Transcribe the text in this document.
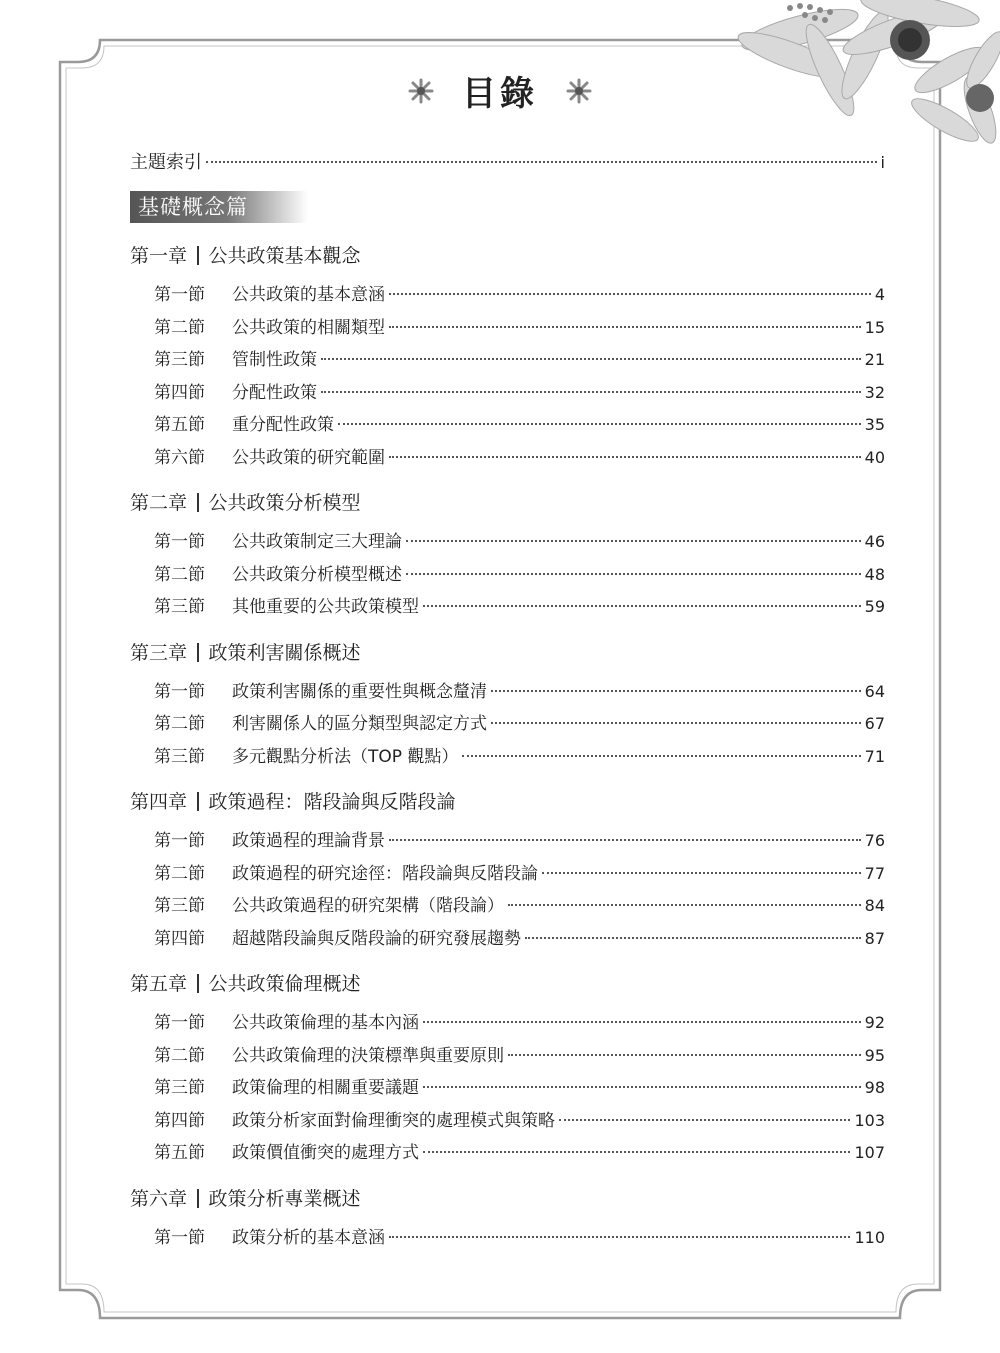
目錄
主題索引	i
基礎概念篇
第一章 公共政策基本觀念
第一節	公共政策的基本意涵	4
第二節	公共政策的相關類型	15
第三節	管制性政策	21
第四節	分配性政策	32
第五節	重分配性政策	35
第六節	公共政策的研究範圍	40
第二章 公共政策分析模型
第一節	公共政策制定三大理論	46
第二節	公共政策分析模型概述	48
第三節	其他重要的公共政策模型	59
第三章 政策利害關係概述
第一節	政策利害關係的重要性與概念釐清	64
第二節	利害關係人的區分類型與認定方式	67
第三節	多元觀點分析法（TOP 觀點）	71
第四章 政策過程：階段論與反階段論
第一節	政策過程的理論背景	76
第二節	政策過程的研究途徑：階段論與反階段論	77
第三節	公共政策過程的研究架構（階段論）	84
第四節	超越階段論與反階段論的研究發展趨勢	87
第五章 公共政策倫理概述
第一節	公共政策倫理的基本內涵	92
第二節	公共政策倫理的決策標準與重要原則	95
第三節	政策倫理的相關重要議題	98
第四節	政策分析家面對倫理衝突的處理模式與策略	103
第五節	政策價值衝突的處理方式	107
第六章 政策分析專業概述
第一節	政策分析的基本意涵	110
